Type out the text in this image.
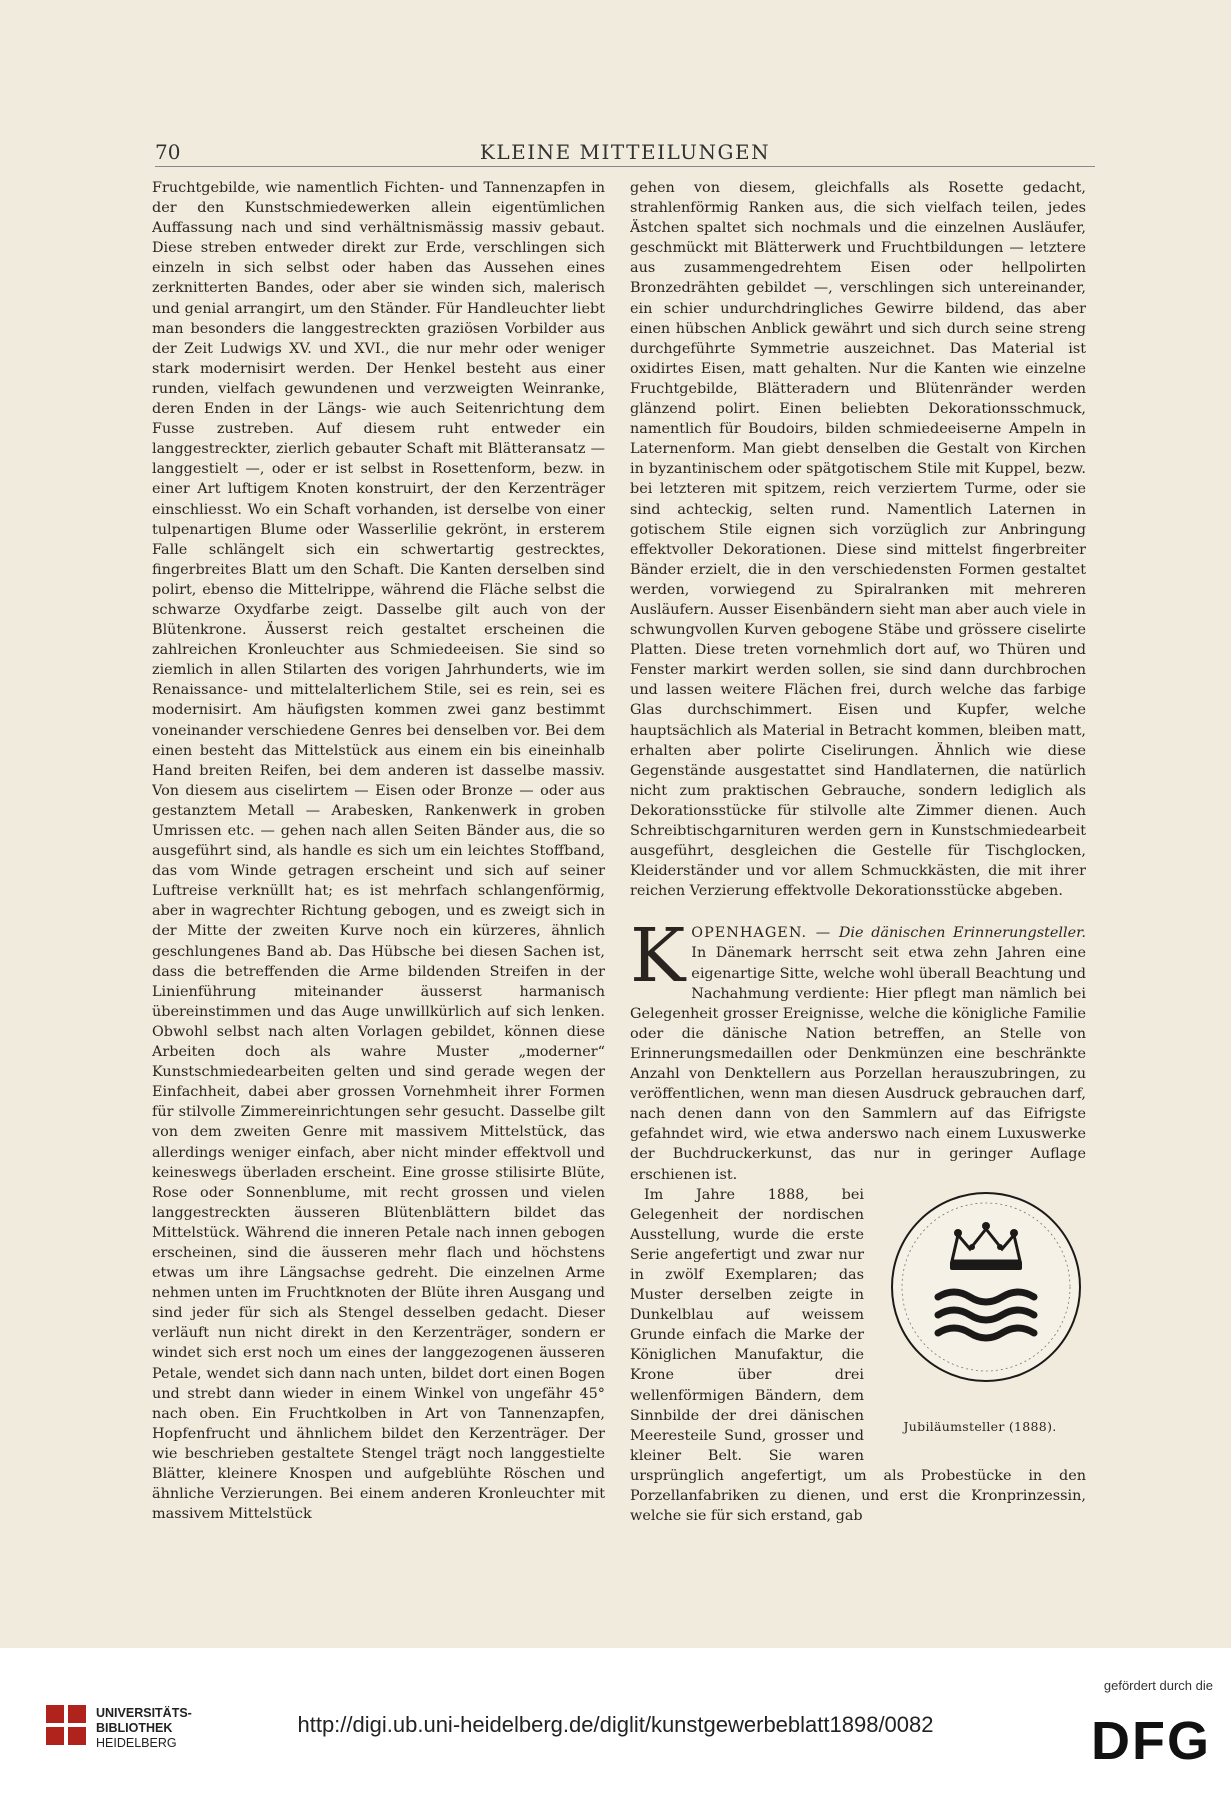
70	KLEINE MITTEILUNGEN

Fruchtgebilde, wie namentlich Fichten- und Tannenzapfen in der den Kunstschmiedewerken allein eigentümlichen Auffassung nach und sind verhältnismässig massiv gebaut. Diese streben entweder direkt zur Erde, verschlingen sich einzeln in sich selbst oder haben das Aussehen eines zerknitterten Bandes, oder aber sie winden sich, malerisch und genial arrangirt, um den Ständer. Für Handleuchter liebt man besonders die langgestreckten graziösen Vorbilder aus der Zeit Ludwigs XV. und XVI., die nur mehr oder weniger stark modernisirt werden. Der Henkel besteht aus einer runden, vielfach gewundenen und verzweigten Weinranke, deren Enden in der Längs- wie auch Seitenrichtung dem Fusse zustreben. Auf diesem ruht entweder ein langgestreckter, zierlich gebauter Schaft mit Blätteransatz — langgestielt —, oder er ist selbst in Rosettenform, bezw. in einer Art luftigem Knoten konstruirt, der den Kerzenträger einschliesst. Wo ein Schaft vorhanden, ist derselbe von einer tulpenartigen Blume oder Wasserlilie gekrönt, in ersterem Falle schlängelt sich ein schwertartig gestrecktes, fingerbreites Blatt um den Schaft. Die Kanten derselben sind polirt, ebenso die Mittelrippe, während die Fläche selbst die schwarze Oxydfarbe zeigt. Dasselbe gilt auch von der Blütenkrone. Äusserst reich gestaltet erscheinen die zahlreichen Kronleuchter aus Schmiedeeisen. Sie sind so ziemlich in allen Stilarten des vorigen Jahrhunderts, wie im Renaissance- und mittelalterlichem Stile, sei es rein, sei es modernisirt. Am häufigsten kommen zwei ganz bestimmt voneinander verschiedene Genres bei denselben vor. Bei dem einen besteht das Mittelstück aus einem ein bis eineinhalb Hand breiten Reifen, bei dem anderen ist dasselbe massiv. Von diesem aus ciselirtem — Eisen oder Bronze — oder aus gestanztem Metall — Arabesken, Rankenwerk in groben Umrissen etc. — gehen nach allen Seiten Bänder aus, die so ausgeführt sind, als handle es sich um ein leichtes Stoffband, das vom Winde getragen erscheint und sich auf seiner Luftreise verknüllt hat; es ist mehrfach schlangenförmig, aber in wagrechter Richtung gebogen, und es zweigt sich in der Mitte der zweiten Kurve noch ein kürzeres, ähnlich geschlungenes Band ab. Das Hübsche bei diesen Sachen ist, dass die betreffenden die Arme bildenden Streifen in der Linienführung miteinander äusserst harmanisch übereinstimmen und das Auge unwillkürlich auf sich lenken. Obwohl selbst nach alten Vorlagen gebildet, können diese Arbeiten doch als wahre Muster „moderner“ Kunstschmiedearbeiten gelten und sind gerade wegen der Einfachheit, dabei aber grossen Vornehmheit ihrer Formen für stilvolle Zimmereinrichtungen sehr gesucht. Dasselbe gilt von dem zweiten Genre mit massivem Mittelstück, das allerdings weniger einfach, aber nicht minder effektvoll und keineswegs überladen erscheint. Eine grosse stilisirte Blüte, Rose oder Sonnenblume, mit recht grossen und vielen langgestreckten äusseren Blütenblättern bildet das Mittelstück. Während die inneren Petale nach innen gebogen erscheinen, sind die äusseren mehr flach und höchstens etwas um ihre Längsachse gedreht. Die einzelnen Arme nehmen unten im Fruchtknoten der Blüte ihren Ausgang und sind jeder für sich als Stengel desselben gedacht. Dieser verläuft nun nicht direkt in den Kerzenträger, sondern er windet sich erst noch um eines der langgezogenen äusseren Petale, wendet sich dann nach unten, bildet dort einen Bogen und strebt dann wieder in einem Winkel von ungefähr 45° nach oben. Ein Fruchtkolben in Art von Tannenzapfen, Hopfenfrucht und ähnlichem bildet den Kerzenträger. Der wie beschrieben gestaltete Stengel trägt noch langgestielte Blätter, kleinere Knospen und aufgeblühte Röschen und ähnliche Verzierungen. Bei einem anderen Kronleuchter mit massivem Mittelstück

gehen von diesem, gleichfalls als Rosette gedacht, strahlenförmig Ranken aus, die sich vielfach teilen, jedes Ästchen spaltet sich nochmals und die einzelnen Ausläufer, geschmückt mit Blätterwerk und Fruchtbildungen — letztere aus zusammengedrehtem Eisen oder hellpolirten Bronzedrähten gebildet —, verschlingen sich untereinander, ein schier undurchdringliches Gewirre bildend, das aber einen hübschen Anblick gewährt und sich durch seine streng durchgeführte Symmetrie auszeichnet. Das Material ist oxidirtes Eisen, matt gehalten. Nur die Kanten wie einzelne Fruchtgebilde, Blätteradern und Blütenränder werden glänzend polirt. Einen beliebten Dekorationsschmuck, namentlich für Boudoirs, bilden schmiedeeiserne Ampeln in Laternenform. Man giebt denselben die Gestalt von Kirchen in byzantinischem oder spätgotischem Stile mit Kuppel, bezw. bei letzteren mit spitzem, reich verziertem Turme, oder sie sind achteckig, selten rund. Namentlich Laternen in gotischem Stile eignen sich vorzüglich zur Anbringung effektvoller Dekorationen. Diese sind mittelst fingerbreiter Bänder erzielt, die in den verschiedensten Formen gestaltet werden, vorwiegend zu Spiralranken mit mehreren Ausläufern. Ausser Eisenbändern sieht man aber auch viele in schwungvollen Kurven gebogene Stäbe und grössere ciselirte Platten. Diese treten vornehmlich dort auf, wo Thüren und Fenster markirt werden sollen, sie sind dann durchbrochen und lassen weitere Flächen frei, durch welche das farbige Glas durchschimmert. Eisen und Kupfer, welche hauptsächlich als Material in Betracht kommen, bleiben matt, erhalten aber polirte Ciselirungen. Ähnlich wie diese Gegenstände ausgestattet sind Handlaternen, die natürlich nicht zum praktischen Gebrauche, sondern lediglich als Dekorationsstücke für stilvolle alte Zimmer dienen. Auch Schreibtischgarnituren werden gern in Kunstschmiedearbeit ausgeführt, desgleichen die Gestelle für Tischglocken, Kleiderständer und vor allem Schmuckkästen, die mit ihrer reichen Verzierung effektvolle Dekorationsstücke abgeben.

K OPENHAGEN. — Die dänischen Erinnerungsteller. In Dänemark herrscht seit etwa zehn Jahren eine eigenartige Sitte, welche wohl überall Beachtung und Nachahmung verdiente: Hier pflegt man nämlich bei Gelegenheit grosser Ereignisse, welche die königliche Familie oder die dänische Nation betreffen, an Stelle von Erinnerungsmedaillen oder Denkmünzen eine beschränkte Anzahl von Denktellern aus Porzellan herauszubringen, zu veröffentlichen, wenn man diesen Ausdruck gebrauchen darf, nach denen dann von den Sammlern auf das Eifrigste gefahndet wird, wie etwa anderswo nach einem Luxuswerke der Buchdruckerkunst, das nur in geringer Auflage erschienen ist.

Jubiläumsteller (1888).

Im Jahre 1888, bei Gelegenheit der nordischen Ausstellung, wurde die erste Serie angefertigt und zwar nur in zwölf Exemplaren; das Muster derselben zeigte in Dunkelblau auf weissem Grunde einfach die Marke der Königlichen Manufaktur, die Krone über drei wellenförmigen Bändern, dem Sinnbilde der drei dänischen Meeresteile Sund, grosser und kleiner Belt. Sie waren ursprünglich angefertigt, um als Probestücke in den Porzellanfabriken zu dienen, und erst die Kronprinzessin, welche sie für sich erstand, gab

UNIVERSITÄTS-
BIBLIOTHEK
HEIDELBERG
http://digi.ub.uni-heidelberg.de/diglit/kunstgewerbeblatt1898/0082
gefördert durch die
DFG
